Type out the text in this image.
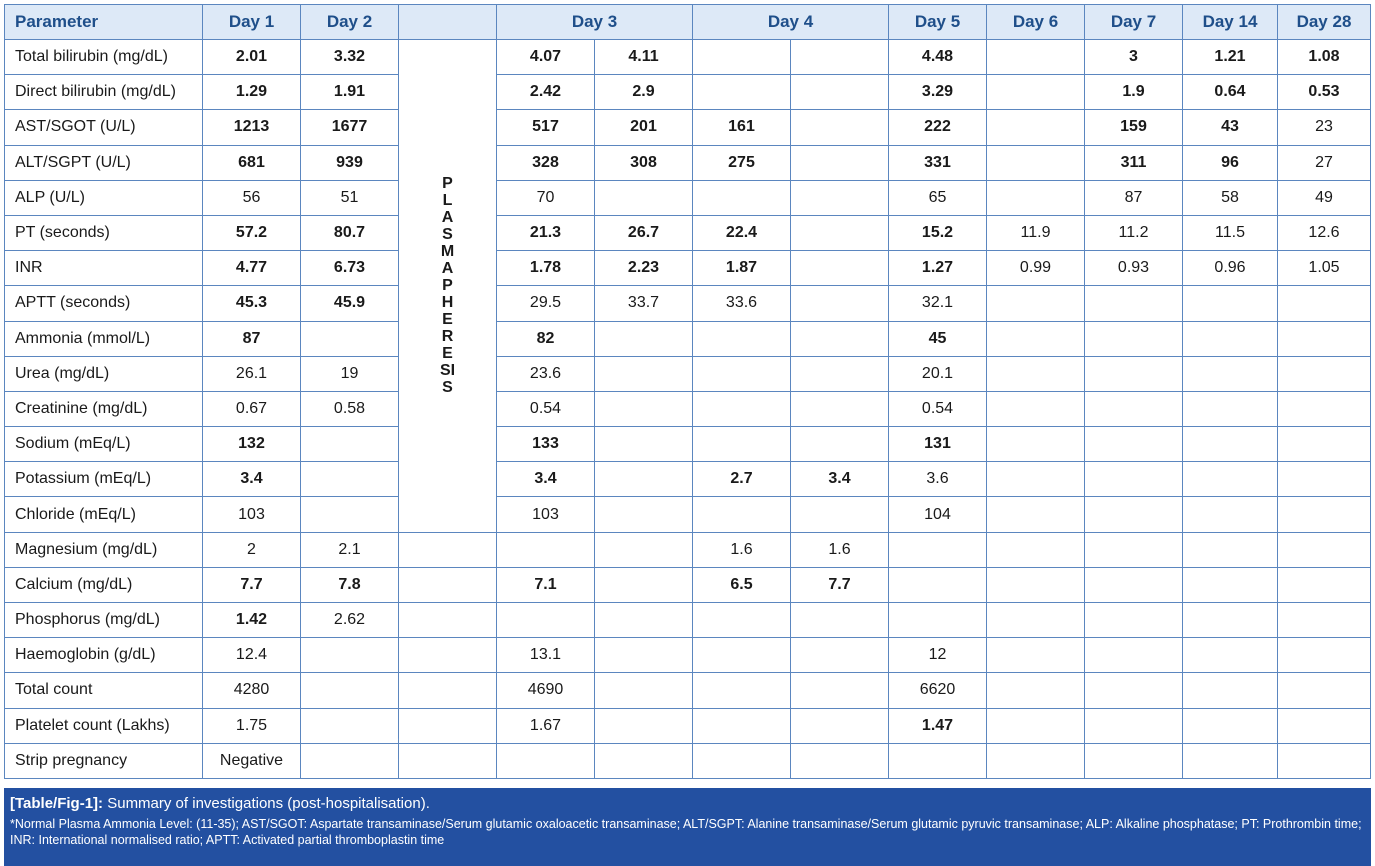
Parameter	Day 1	Day 2		Day 3		Day 4		Day 5	Day 6	Day 7	Day 14	Day 28
Total bilirubin (mg/dL)	2.01	3.32	PLASMAPHERESIS	4.07	4.11			4.48		3	1.21	1.08
Direct bilirubin (mg/dL)	1.29	1.91		2.42	2.9			3.29		1.9	0.64	0.53
AST/SGOT (U/L)	1213	1677		517	201	161		222		159	43	23
ALT/SGPT (U/L)	681	939		328	308	275		331		311	96	27
ALP (U/L)	56	51		70				65		87	58	49
PT (seconds)	57.2	80.7		21.3	26.7	22.4		15.2	11.9	11.2	11.5	12.6
INR	4.77	6.73		1.78	2.23	1.87		1.27	0.99	0.93	0.96	1.05
APTT (seconds)	45.3	45.9		29.5	33.7	33.6		32.1				
Ammonia (mmol/L)	87			82				45				
Urea (mg/dL)	26.1	19		23.6				20.1				
Creatinine (mg/dL)	0.67	0.58		0.54				0.54				
Sodium (mEq/L)	132			133				131				
Potassium (mEq/L)	3.4			3.4		2.7	3.4	3.6				
Chloride (mEq/L)	103			103				104				
Magnesium (mg/dL)	2	2.1				1.6	1.6					
Calcium (mg/dL)	7.7	7.8		7.1		6.5	7.7					
Phosphorus (mg/dL)	1.42	2.62										
Haemoglobin (g/dL)	12.4			13.1				12				
Total count	4280			4690				6620				
Platelet count (Lakhs)	1.75			1.67				1.47				
Strip pregnancy	Negative											
[Table/Fig-1]: Summary of investigations (post-hospitalisation).
*Normal Plasma Ammonia Level: (11-35); AST/SGOT: Aspartate transaminase/Serum glutamic oxaloacetic transaminase; ALT/SGPT: Alanine transaminase/Serum glutamic pyruvic transaminase; ALP: Alkaline phosphatase; PT: Prothrombin time; INR: International normalised ratio; APTT: Activated partial thromboplastin time
